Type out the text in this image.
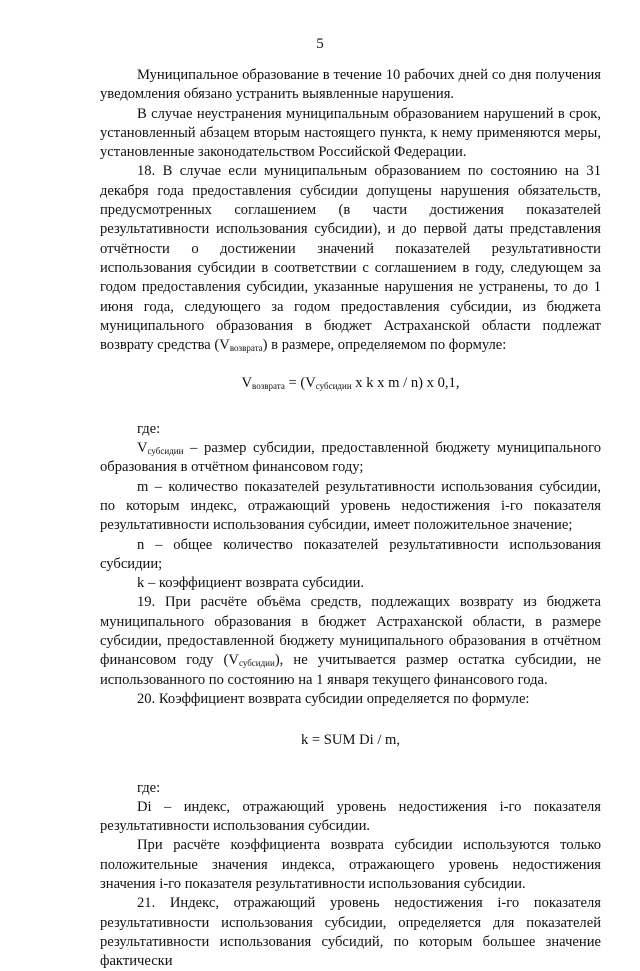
5

Муниципальное образование в течение 10 рабочих дней со дня получения уведомления обязано устранить выявленные нарушения.

В случае неустранения муниципальным образованием нарушений в срок, установленный абзацем вторым настоящего пункта, к нему применяются меры, установленные законодательством Российской Федерации.

18. В случае если муниципальным образованием по состоянию на 31 декабря года предоставления субсидии допущены нарушения обязательств, предусмотренных соглашением (в части достижения показателей результативности использования субсидии), и до первой даты представления отчётности о достижении значений показателей результативности использования субсидии в соответствии с соглашением в году, следующем за годом предоставления субсидии, указанные нарушения не устранены, то до 1 июня года, следующего за годом предоставления субсидии, из бюджета муниципального образования в бюджет Астраханской области подлежат возврату средства $(V_{возврата})$ в размере, определяемом по формуле:

$V_{возврата} = (V_{субсидии}$ x k x m / n) x 0,1,

где:

$V_{субсидии}$ – размер субсидии, предоставленной бюджету муниципального образования в отчётном финансовом году;

m – количество показателей результативности использования субсидии, по которым индекс, отражающий уровень недостижения i-го показателя результативности использования субсидии, имеет положительное значение;

n – общее количество показателей результативности использования субсидии;

k – коэффициент возврата субсидии.

19. При расчёте объёма средств, подлежащих возврату из бюджета муниципального образования в бюджет Астраханской области, в размере субсидии, предоставленной бюджету муниципального образования в отчётном финансовом году $(V_{субсидии})$, не учитывается размер остатка субсидии, не использованного по состоянию на 1 января текущего финансового года.

20. Коэффициент возврата субсидии определяется по формуле:

k = SUM Di / m,

где:

Di – индекс, отражающий уровень недостижения i-го показателя результативности использования субсидии.

При расчёте коэффициента возврата субсидии используются только положительные значения индекса, отражающего уровень недостижения значения i-го показателя результативности использования субсидии.

21. Индекс, отражающий уровень недостижения i-го показателя результативности использования субсидии, определяется для показателей результативности использования субсидий, по которым большее значение фактически
